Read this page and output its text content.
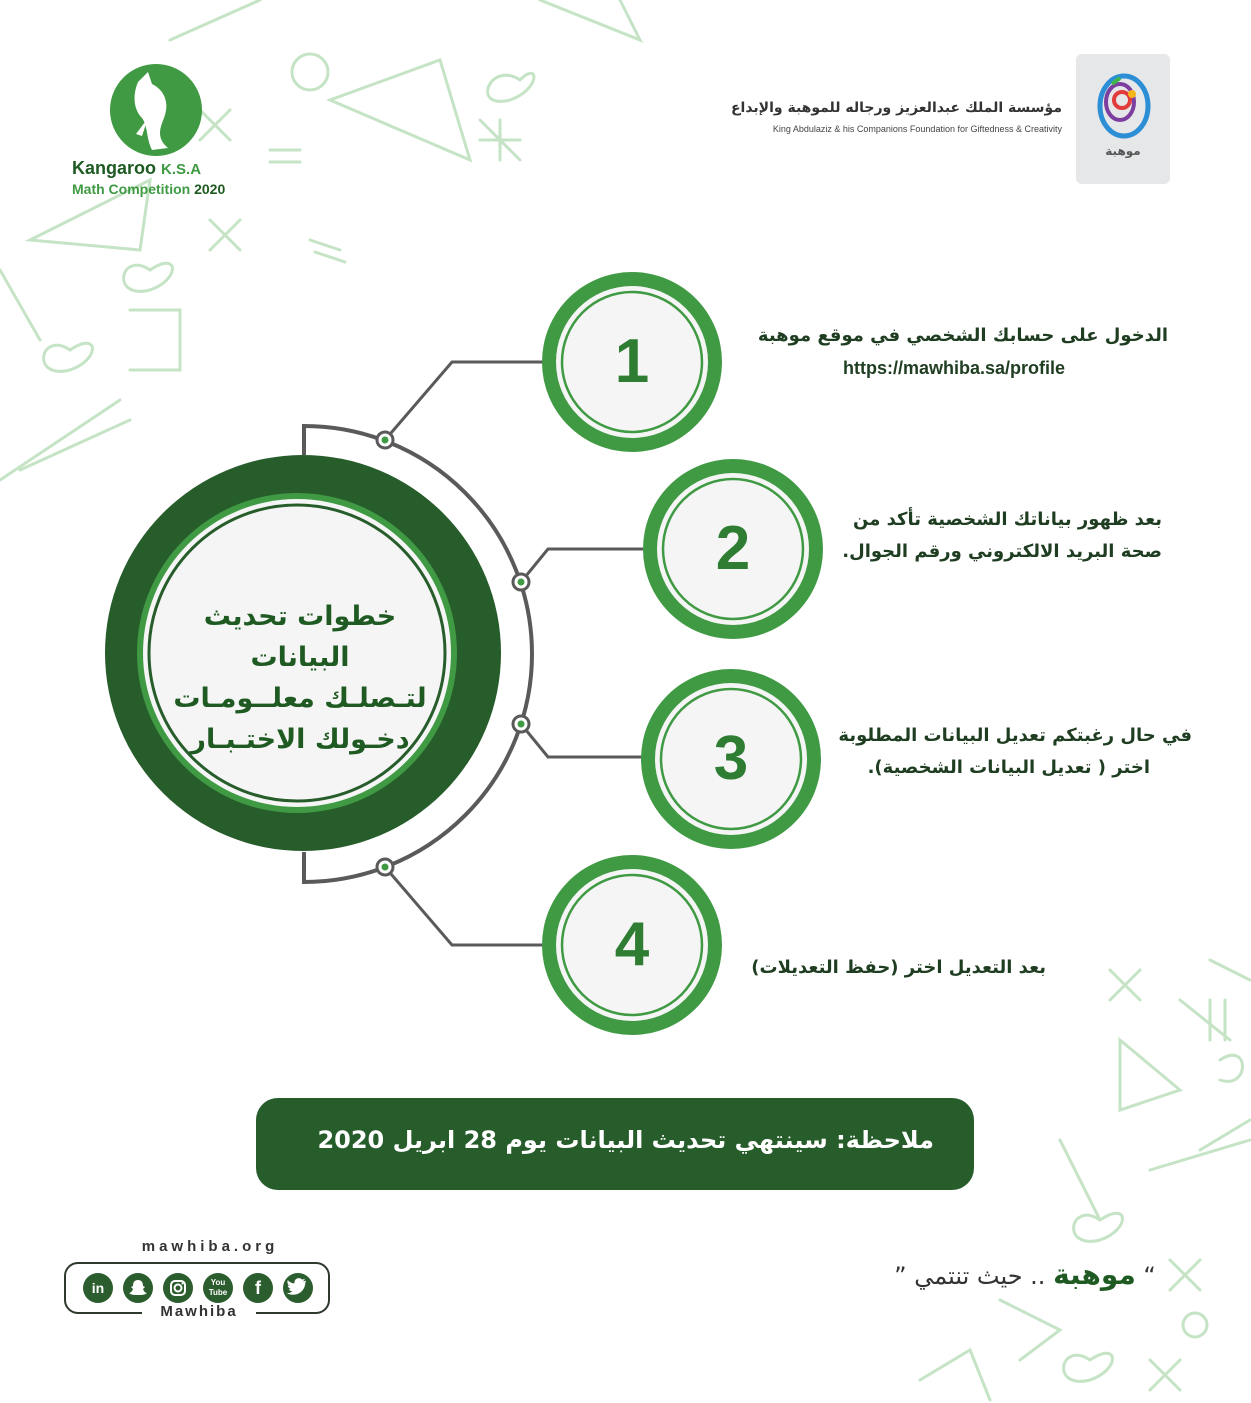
Kangaroo K.S.A
Math Competition 2020
مؤسسة الملك عبدالعزيز ورجاله للموهبة والإبداع
King Abdulaziz & his Companions Foundation for Giftedness & Creativity
موهبة
خطوات تحديث البيانات
لتـصلـك معلــومـات
دخـولك الاختـبـار
1
2
3
4
الدخول على حسابك الشخصي في موقع موهبة
https://mawhiba.sa/profile
بعد ظهور بياناتك الشخصية تأكد من
صحة البريد الالكتروني ورقم الجوال.
في حال رغبتكم تعديل البيانات المطلوبة
اختر ( تعديل البيانات الشخصية).
بعد التعديل اختر (حفظ التعديلات)
ملاحظة: سينتهي تحديث البيانات يوم 28 ابريل 2020
mawhiba.org
in	You Tube	f
Mawhiba
“ موهبة .. حيث تنتمي ”
